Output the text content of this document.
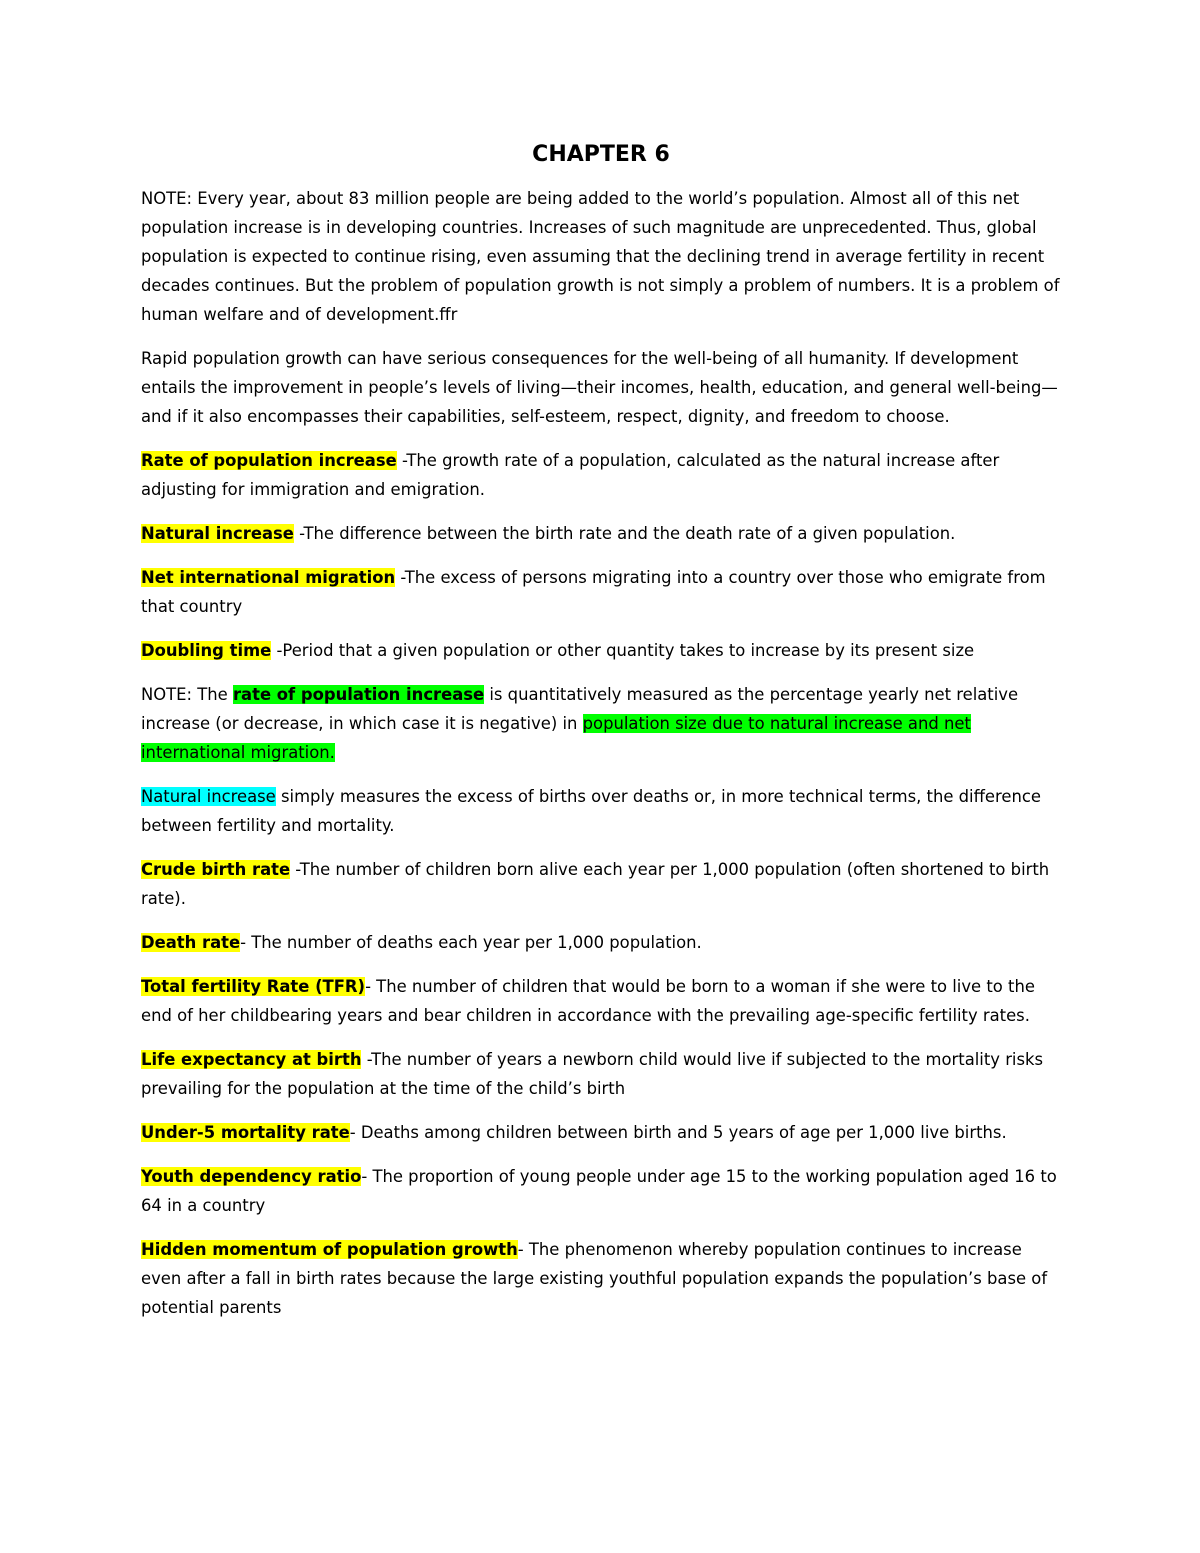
CHAPTER 6

NOTE: Every year, about 83 million people are being added to the world’s population. Almost all of this net population increase is in developing countries. Increases of such magnitude are unprecedented. Thus, global population is expected to continue rising, even assuming that the declining trend in average fertility in recent decades continues. But the problem of population growth is not simply a problem of numbers. It is a problem of human welfare and of development.ffr

Rapid population growth can have serious consequences for the well-being of all humanity. If development entails the improvement in people’s levels of living—their incomes, health, education, and general well-being—and if it also encompasses their capabilities, self-esteem, respect, dignity, and freedom to choose.

Rate of population increase -The growth rate of a population, calculated as the natural increase after adjusting for immigration and emigration.

Natural increase -The difference between the birth rate and the death rate of a given population.

Net international migration -The excess of persons migrating into a country over those who emigrate from that country

Doubling time -Period that a given population or other quantity takes to increase by its present size

NOTE: The rate of population increase is quantitatively measured as the percentage yearly net relative increase (or decrease, in which case it is negative) in population size due to natural increase and net international migration.

Natural increase simply measures the excess of births over deaths or, in more technical terms, the difference between fertility and mortality.

Crude birth rate -The number of children born alive each year per 1,000 population (often shortened to birth rate).

Death rate- The number of deaths each year per 1,000 population.

Total fertility Rate (TFR)- The number of children that would be born to a woman if she were to live to the end of her childbearing years and bear children in accordance with the prevailing age-specific fertility rates.

Life expectancy at birth -The number of years a newborn child would live if subjected to the mortality risks prevailing for the population at the time of the child’s birth

Under-5 mortality rate- Deaths among children between birth and 5 years of age per 1,000 live births.

Youth dependency ratio- The proportion of young people under age 15 to the working population aged 16 to 64 in a country

Hidden momentum of population growth- The phenomenon whereby population continues to increase even after a fall in birth rates because the large existing youthful population expands the population’s base of potential parents
